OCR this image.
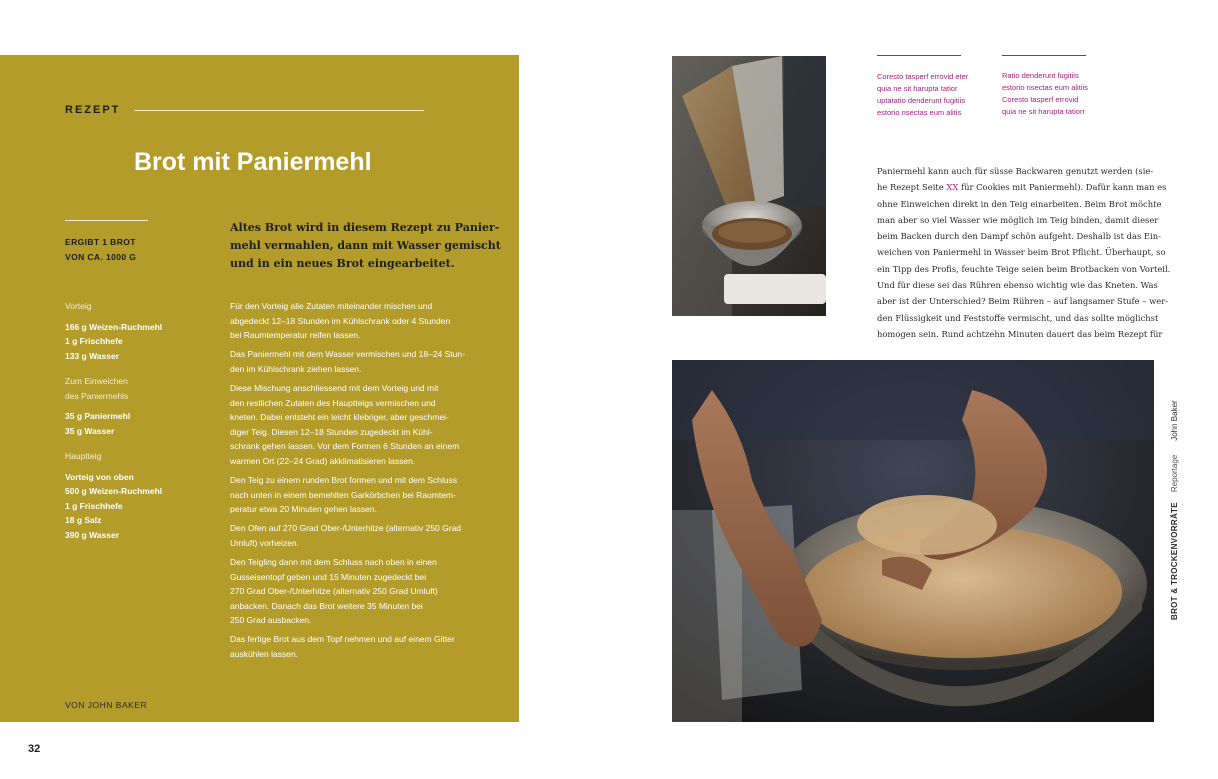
REZEPT
Brot mit Paniermehl
ERGIBT 1 BROT
VON CA. 1000 G
Altes Brot wird in diesem Rezept zu Panier-
mehl vermahlen, dann mit Wasser gemischt
und in ein neues Brot eingearbeitet.
Vorteig
166 g Weizen-Ruchmehl
1 g Frischhefe
133 g Wasser
Zum Einweichen
des Paniermehls
35 g Paniermehl
35 g Wasser
Hauptteig
Vorteig von oben
500 g Weizen-Ruchmehl
1 g Frischhefe
18 g Salz
390 g Wasser
Für den Vorteig alle Zutaten miteinander mischen und
abgedeckt 12–18 Stunden im Kühlschrank oder 4 Stunden
bei Raumtemperatur reifen lassen.
Das Paniermehl mit dem Wasser vermischen und 18–24 Stun-
den im Kühlschrank ziehen lassen.
Diese Mischung anschliessend mit dem Vorteig und mit
den restlichen Zutaten des Hauptteigs vermischen und
kneten. Dabei entsteht ein leicht klebriger, aber geschmei-
diger Teig. Diesen 12–18 Stunden zugedeckt im Kühl-
schrank gehen lassen. Vor dem Formen 6 Stunden an einem
warmen Ort (22–24 Grad) akklimatisieren lassen.
Den Teig zu einem runden Brot formen und mit dem Schluss
nach unten in einem bemehlten Garkörbchen bei Raumtem-
peratur etwa 20 Minuten gehen lassen.
Den Ofen auf 270 Grad Ober-/Unterhitze (alternativ 250 Grad
Umluft) vorheizen.
Den Teigling dann mit dem Schluss nach oben in einen
Gusseisentopf geben und 15 Minuten zugedeckt bei
270 Grad Ober-/Unterhitze (alternativ 250 Grad Umluft)
anbacken. Danach das Brot weitere 35 Minuten bei
250 Grad ausbacken.
Das fertige Brot aus dem Topf nehmen und auf einem Gitter
auskühlen lassen.
VON JOHN BAKER
32
Coresto tasperf errovid eter
quia ne sit harupta tatior
uptatatio denderunt fugitiis
estorio nsectas eum alitis
Ratio denderunt fugitiis
estorio nsectas eum alitiis
Coresto tasperf errovid
quia ne sit harupta tatiorr
Paniermehl kann auch für süsse Backwaren genutzt werden (sie-
he Rezept Seite XX für Cookies mit Paniermehl). Dafür kann man es
ohne Einweichen direkt in den Teig einarbeiten. Beim Brot möchte
man aber so viel Wasser wie möglich im Teig binden, damit dieser
beim Backen durch den Dampf schön aufgeht. Deshalb ist das Ein-
weichen von Paniermehl in Wasser beim Brot Pflicht. Überhaupt, so
ein Tipp des Profis, feuchte Teige seien beim Brotbacken von Vorteil.
Und für diese sei das Rühren ebenso wichtig wie das Kneten. Was
aber ist der Unterschied? Beim Rühren – auf langsamer Stufe – wer-
den Flüssigkeit und Feststoffe vermischt, und das sollte möglichst
homogen sein. Rund achtzehn Minuten dauert das beim Rezept für
BROT & TROCKENVORRÄTEReportageJohn Baker
